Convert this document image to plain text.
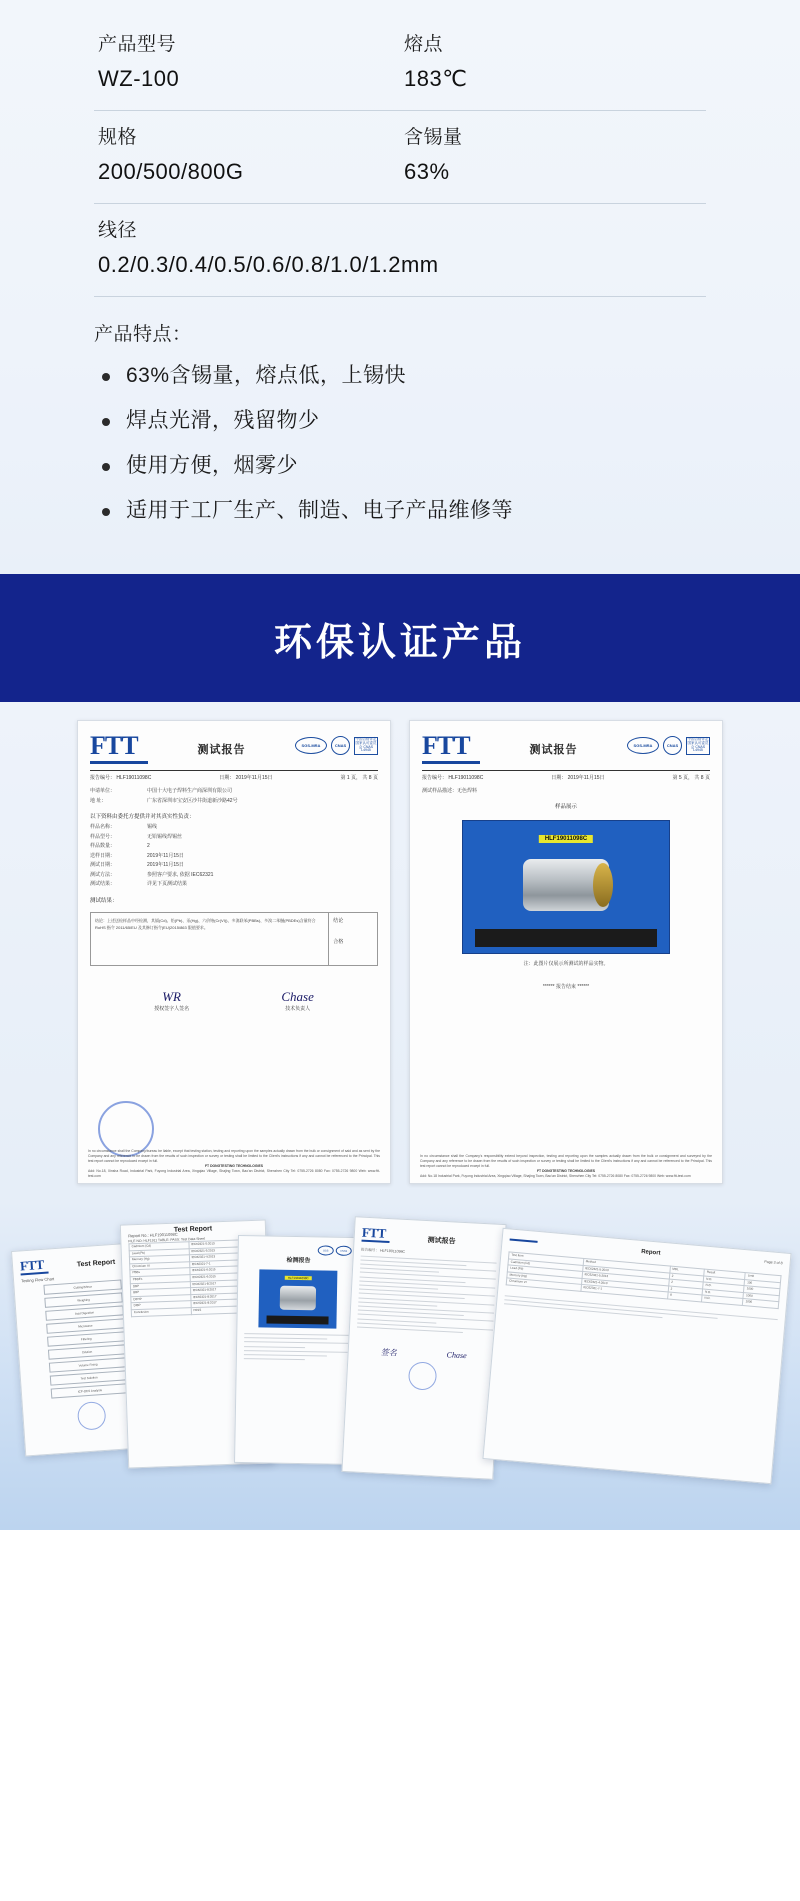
产品型号
WZ-100
熔点
183℃
规格
200/500/800G
含锡量
63%
线径
0.2/0.3/0.4/0.5/0.6/0.8/1.0/1.2mm
产品特点：
63%含锡量，熔点低，上锡快
焊点光滑，残留物少
使用方便，烟雾少
适用于工厂生产、制造、电子产品维修等
环保认证产品
FTT	测试报告	SGS-MRA	CNAS
中国合格评定国家认可委员会 CNAS L4945
报告编号： HLF19011098C	日期： 2019年11月15日	第 1 页， 共 8 页
申请单位：	中国十大电子焊料生产商深圳有限公司
地 址：	广东省深圳市宝安区沙井街道新沙路42号
以下资料由委托方提供并对其真实性负责：
样品名称：	锡线
样品型号：	无铅锡线焊锡丝
样品数量：	2
送样日期：	2019年11月15日
测试日期：	2019年11月15日
测试方法：	参照客户要求, 依据 IEC62321
测试结果：	详见下页测试结果
测试结果：
结论：上述送检样品中经检测，其镉(Cd)、铅(Pb)、汞(Hg)、六价铬(Cr(VI))、多溴联苯(PBBs)、多溴二苯醚(PBDEs)含量符合 RoHS 指令 2011/65/EU 及其修订指令(EU)2015/863 限值要求。
结论
合格
WR
授权签字人签名
Chase
技术负责人
In no circumstance shall the Company/bureau be liable, except that testing station, testing and reporting upon the samples actually drawn from the bulk or consignment of said and as sent by the Company and any reference to be drawn from the results of such inspection or survey or testing shall be limited to the Client's instructions if any and cannot be referenced to the Principal. This test report cannot be reproduced except in full.
FT DONGTESTING TECHNOLOGIES
Add: No.18, Xinsha Road, Industrial Park, Fuyong Industrial Area, Xingqiao Village, Shajing Town, Bao'an District, Shenzhen City Tel: 0755-2726 8080 Fax: 0755-2726 9800 Web: www.ftt-test.com
FTT	测试报告	SGS-MRA	CNAS
中国合格评定国家认可委员会 CNAS L4945
报告编号： HLF19011098C	日期： 2019年11月15日	第 5 页， 共 8 页
测试样品描述：无色焊料
样品展示
HLF19011098C
注：此图片仅展示所测试的样品实物。
****** 报告结束 ******
In no circumstance shall the Company's responsibility extend beyond inspection, testing and reporting upon the samples actually drawn from the bulk or consignment and surveyed by the Company and any reference to be drawn from the results of such inspection or survey or testing shall be limited to the Client's instructions if any and cannot be referenced to the Principal. This test report cannot be reproduced except in full.
FT DONGTESTING TECHNOLOGIES
Add: No.18 Industrial Park, Fuyong Industrial Area, Xingqiao Village, Shajing Town, Bao'an District, Shenzhen City Tel: 0755-2726 8080 Fax: 0755-2726 9800 Web: www.ftt-test.com
FTT	Test Report
Testing Flow Chart
Cutting/Shear
Weighing
Acid Digestion
Microwave
Filtering
Dilution
Volume Fixing
Test Solution
ICP-OES Analysis
Report No.: HLF19011098C
Test Report
FILE NO: HLF1911 TABLE: PASS: Test Data Sheet
Cadmium (Cd)	IEC62321-5:2013
Lead (Pb)	IEC62321-5:2013
Mercury (Hg)	IEC62321-4:2013
Chromium VI	IEC62321-7-1
PBBs	IEC62321-6:2015
PBDEs	IEC62321-6:2015
DBP	IEC62321-8:2017
BBP	IEC62321-8:2017
DEHP	IEC62321-8:2017
DIBP	IEC62321-8:2017
Conclusion	PASS
SGS	CNAS
检测报告
HLF19011098C
FTT	测试报告
报告编号： HLF19011098C
签名	Chase
Report
Page 3 of 8
Test Item	Method	MDL	Result	Limit
Cadmium (Cd)	IEC62321-5:2013	2	N.D.	100
Lead (Pb)	IEC62321-5:2013	2	N.D.	1000
Mercury (Hg)	IEC62321-4:2013	2	N.D.	1000
Chromium VI	IEC62321-7-1	8	N.D.	1000
